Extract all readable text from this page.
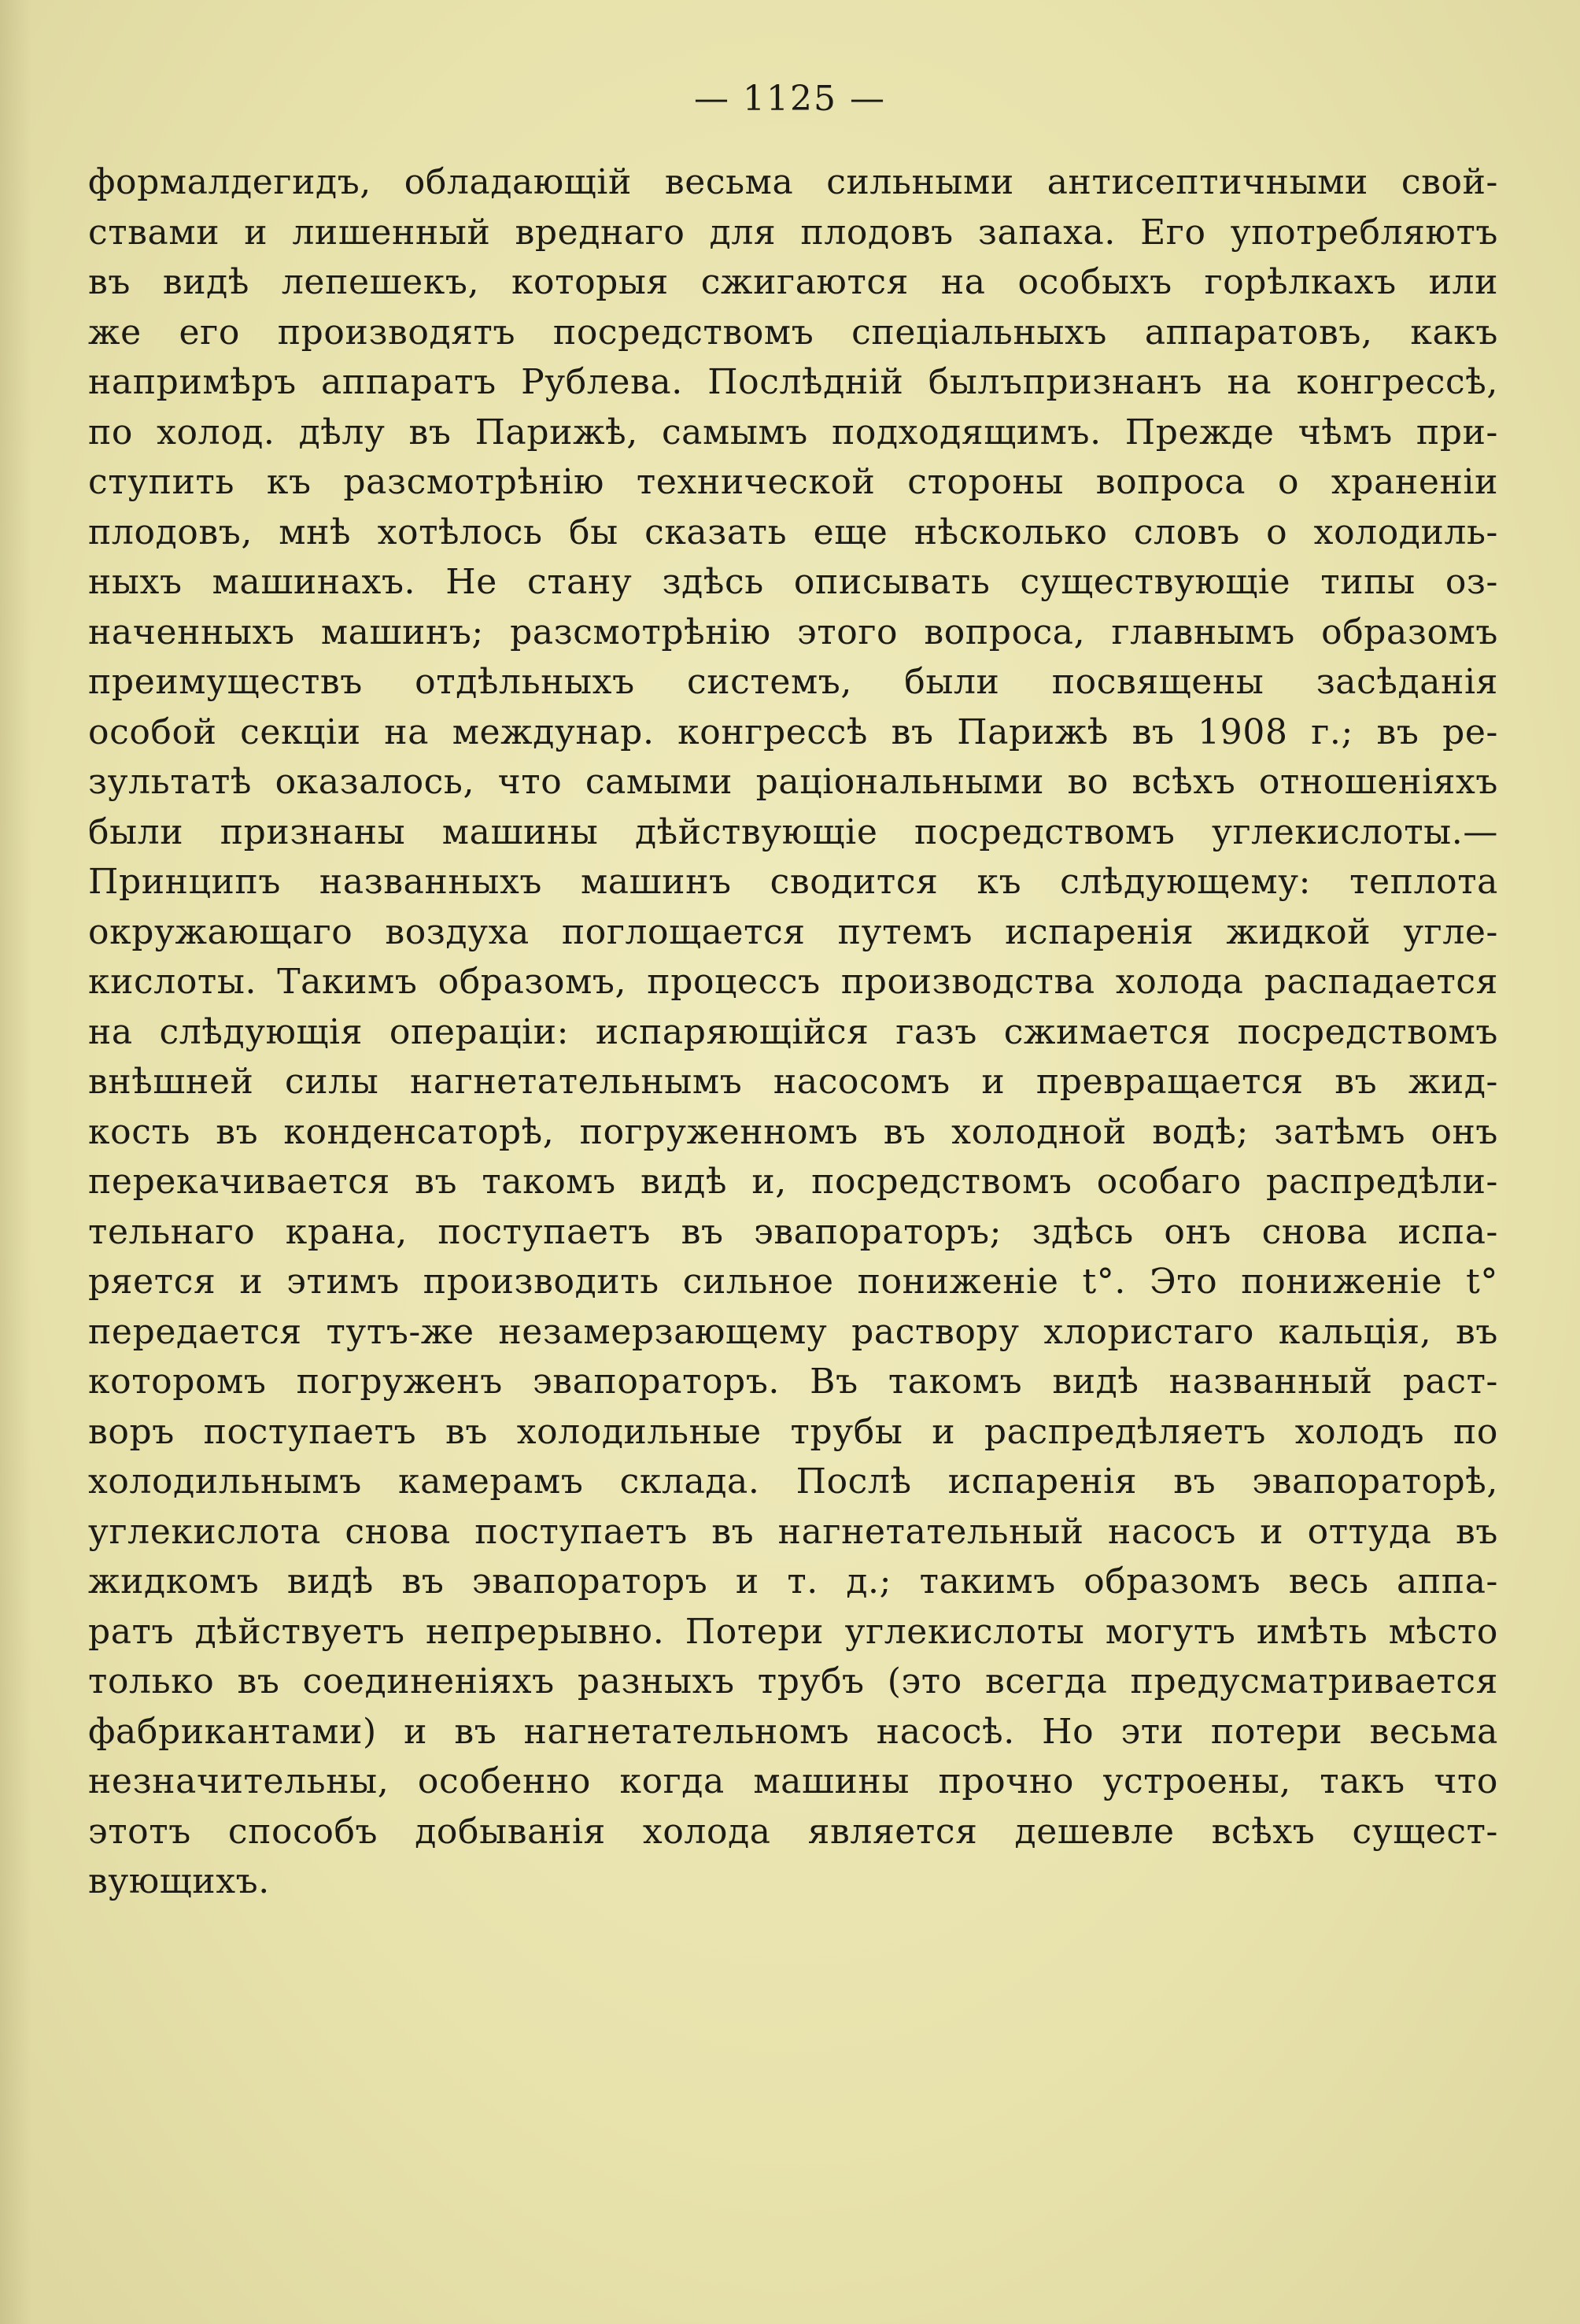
— 1125 —
формалдегидъ, обладающій весьма сильными антисептичными свой-
ствами и лишенный вреднаго для плодовъ запаха. Его употребляютъ
въ видѣ лепешекъ, которыя сжигаются на особыхъ горѣлкахъ или
же его производятъ посредствомъ спеціальныхъ аппаратовъ, какъ
напримѣръ аппаратъ Рублева. Послѣдній былъпризнанъ на конгрессѣ,
по холод. дѣлу въ Парижѣ, самымъ подходящимъ. Прежде чѣмъ при-
ступить къ разсмотрѣнію технической стороны вопроса о храненіи
плодовъ, мнѣ хотѣлось бы сказать еще нѣсколько словъ о холодиль-
ныхъ машинахъ. Не стану здѣсь описывать существующіе типы оз-
наченныхъ машинъ; разсмотрѣнію этого вопроса, главнымъ образомъ
преимуществъ отдѣльныхъ системъ, были посвящены засѣданія
особой секціи на междунар. конгрессѣ въ Парижѣ въ 1908 г.; въ ре-
зультатѣ оказалось, что самыми раціональными во всѣхъ отношеніяхъ
были признаны машины дѣйствующіе посредствомъ углекислоты.—
Принципъ названныхъ машинъ сводится къ слѣдующему: теплота
окружающаго воздуха поглощается путемъ испаренія жидкой угле-
кислоты. Такимъ образомъ, процессъ производства холода распадается
на слѣдующія операціи: испаряющійся газъ сжимается посредствомъ
внѣшней силы нагнетательнымъ насосомъ и превращается въ жид-
кость въ конденсаторѣ, погруженномъ въ холодной водѣ; затѣмъ онъ
перекачивается въ такомъ видѣ и, посредствомъ особаго распредѣли-
тельнаго крана, поступаетъ въ эвапораторъ; здѣсь онъ снова испа-
ряется и этимъ производить сильное пониженіе t°. Это пониженіе t°
передается тутъ-же незамерзающему раствору хлористаго кальція, въ
которомъ погруженъ эвапораторъ. Въ такомъ видѣ названный раст-
воръ поступаетъ въ холодильные трубы и распредѣляетъ холодъ по
холодильнымъ камерамъ склада. Послѣ испаренія въ эвапораторѣ,
углекислота снова поступаетъ въ нагнетательный насосъ и оттуда въ
жидкомъ видѣ въ эвапораторъ и т. д.; такимъ образомъ весь аппа-
ратъ дѣйствуетъ непрерывно. Потери углекислоты могутъ имѣть мѣсто
только въ соединеніяхъ разныхъ трубъ (это всегда предусматривается
фабрикантами) и въ нагнетательномъ насосѣ. Но эти потери весьма
незначительны, особенно когда машины прочно устроены, такъ что
этотъ способъ добыванія холода является дешевле всѣхъ сущест-
вующихъ.
